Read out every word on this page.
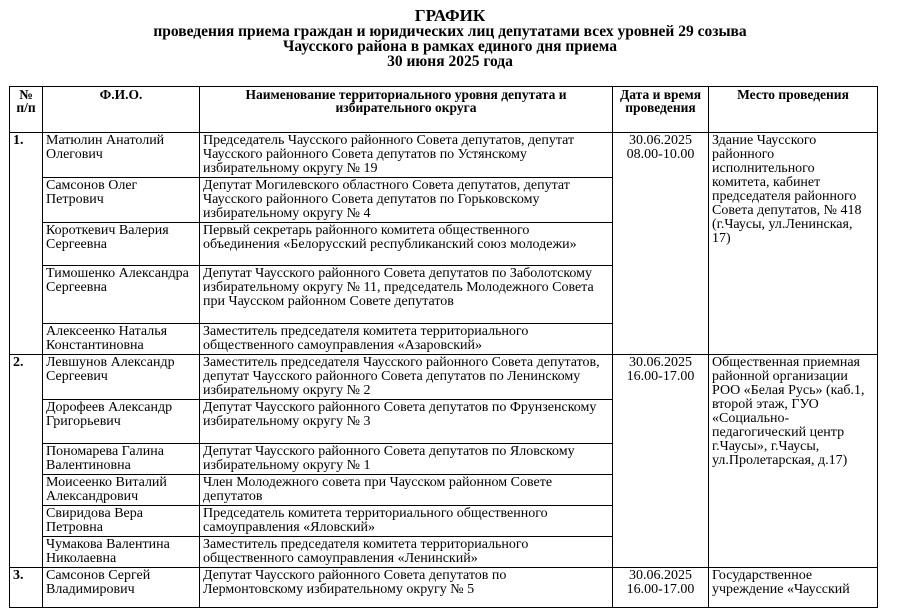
ГРАФИК
проведения приема граждан и юридических лиц депутатами всех уровней 29 созыва
Чаусского района в рамках единого дня приема
30 июня 2025 года
№ п/п	Ф.И.О.	Наименование территориального уровня депутата и избирательного округа	Дата и время проведения	Место проведения
1.	Матюлин Анатолий Олегович	Председатель Чаусского районного Совета депутатов, депутат Чаусского районного Совета депутатов по Устянскому избирательному округу № 19	30.06.2025 08.00-10.00	Здание Чаусского районного исполнительного комитета, кабинет председателя районного Совета депутатов, № 418 (г.Чаусы, ул.Ленинская, 17)
	Самсонов Олег Петрович	Депутат Могилевского областного Совета депутатов, депутат Чаусского районного Совета депутатов по Горьковскому избирательному округу № 4		
	Короткевич Валерия Сергеевна	Первый секретарь районного комитета общественного объединения «Белорусский республиканский союз молодежи»		
	Тимошенко Александра Сергеевна	Депутат Чаусского районного Совета депутатов по Заболотскому избирательному округу № 11, председатель Молодежного Совета при Чаусском районном Совете депутатов		
	Алексеенко Наталья Константиновна	Заместитель председателя комитета территориального общественного самоуправления «Азаровский»		
2.	Левшунов Александр Сергеевич	Заместитель председателя Чаусского районного Совета депутатов, депутат Чаусского районного Совета депутатов по Ленинскому избирательному округу № 2	30.06.2025 16.00-17.00	Общественная приемная районной организации РОО «Белая Русь» (каб.1, второй этаж, ГУО «Социально-педагогический центр г.Чаусы», г.Чаусы, ул.Пролетарская, д.17)
	Дорофеев Александр Григорьевич	Депутат Чаусского районного Совета депутатов по Фрунзенскому избирательному округу № 3		
	Пономарева Галина Валентиновна	Депутат Чаусского районного Совета депутатов по Яловскому избирательному округу № 1		
	Моисеенко Виталий Александрович	Член Молодежного совета при Чаусском районном Совете депутатов		
	Свиридова Вера Петровна	Председатель комитета территориального общественного самоуправления «Яловский»		
	Чумакова Валентина Николаевна	Заместитель председателя комитета территориального общественного самоуправления «Ленинский»		
3.	Самсонов Сергей Владимирович	Депутат Чаусского районного Совета депутатов по Лермонтовскому избирательному округу № 5	30.06.2025 16.00-17.00	Государственное учреждение «Чаусский
